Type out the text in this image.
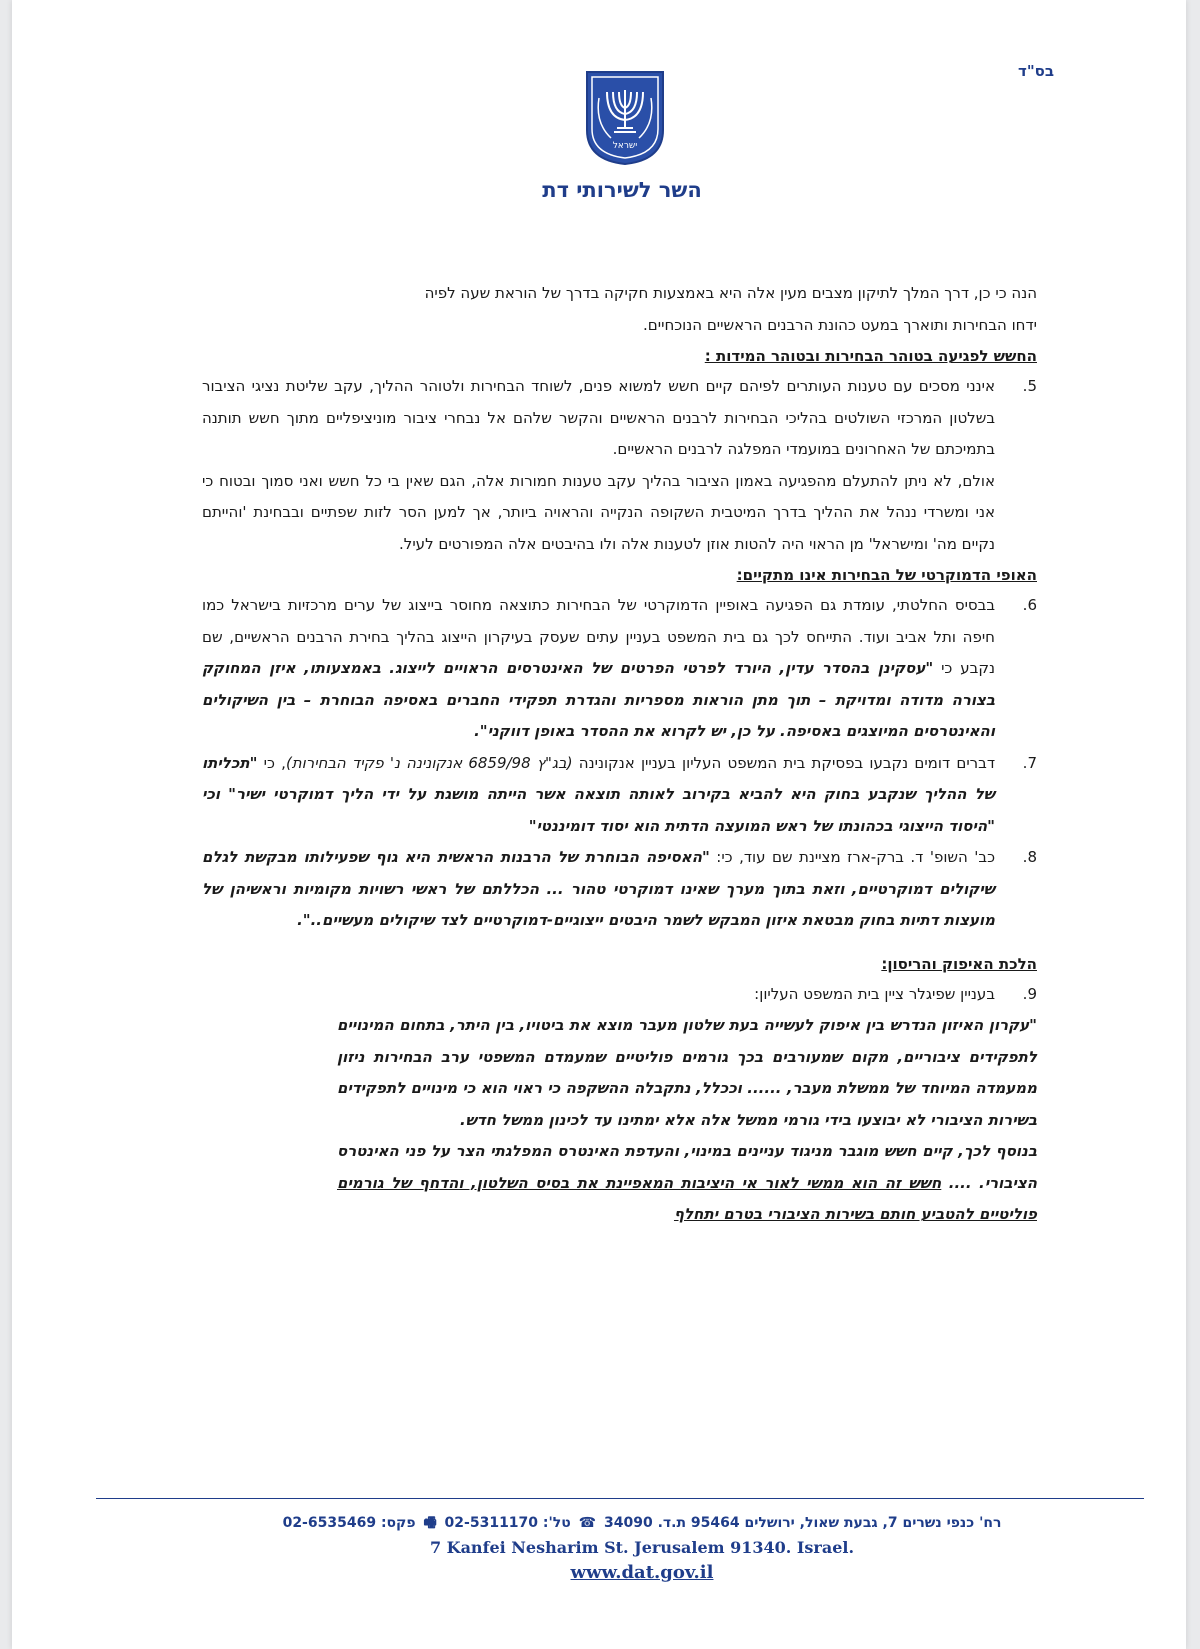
בס"ד
ישראל
השר לשירותי דת

הנה כי כן, דרך המלך לתיקון מצבים מעין אלה היא באמצעות חקיקה בדרך של הוראת שעה לפיה

ידחו הבחירות ותוארך במעט כהונת הרבנים הראשיים הנוכחיים.

החשש לפגיעה בטוהר הבחירות ובטוהר המידות :

5.

אינני מסכים עם טענות העותרים לפיהם קיים חשש למשוא פנים, לשוחד הבחירות ולטוהר ההליך, עקב שליטת נציגי הציבור בשלטון המרכזי השולטים בהליכי הבחירות לרבנים הראשיים והקשר שלהם אל נבחרי ציבור מוניציפליים מתוך חשש תותנה בתמיכתם של האחרונים במועמדי המפלגה לרבנים הראשיים.

אולם, לא ניתן להתעלם מהפגיעה באמון הציבור בהליך עקב טענות חמורות אלה, הגם שאין בי כל חשש ואני סמוך ובטוח כי אני ומשרדי ננהל את ההליך בדרך המיטבית השקופה הנקייה והראויה ביותר, אך למען הסר לזות שפתיים ובבחינת 'והייתם נקיים מה' ומישראל' מן הראוי היה להטות אוזן לטענות אלה ולו בהיבטים אלה המפורטים לעיל.

האופי הדמוקרטי של הבחירות אינו מתקיים:

6.

בבסיס החלטתי, עומדת גם הפגיעה באופיין הדמוקרטי של הבחירות כתוצאה מחוסר בייצוג של ערים מרכזיות בישראל כמו חיפה ותל אביב ועוד. התייחס לכך גם בית המשפט בעניין עתים שעסק בעיקרון הייצוג בהליך בחירת הרבנים הראשיים, שם נקבע כי "עסקינן בהסדר עדין, היורד לפרטי הפרטים של האינטרסים הראויים לייצוג. באמצעותו, איזן המחוקק בצורה מדודה ומדויקת – תוך מתן הוראות מספריות והגדרת תפקידי החברים באסיפה הבוחרת – בין השיקולים והאינטרסים המיוצגים באסיפה. על כן, יש לקרוא את ההסדר באופן דווקני".

7.

דברים דומים נקבעו בפסיקת בית המשפט העליון בעניין אנקונינה (בג"ץ 6859/98 אנקונינה נ' פקיד הבחירות), כי "תכליתו של ההליך שנקבע בחוק היא להביא בקירוב לאותה תוצאה אשר הייתה מושגת על ידי הליך דמוקרטי ישיר" וכי "היסוד הייצוגי בכהונתו של ראש המועצה הדתית הוא יסוד דומיננטי"

8.

כב' השופ' ד. ברק-ארז מציינת שם עוד, כי: "האסיפה הבוחרת של הרבנות הראשית היא גוף שפעילותו מבקשת לגלם שיקולים דמוקרטיים, וזאת בתוך מערך שאינו דמוקרטי טהור ... הכללתם של ראשי רשויות מקומיות וראשיהן של מועצות דתיות בחוק מבטאת איזון המבקש לשמר היבטים ייצוגיים-דמוקרטיים לצד שיקולים מעשיים..".

הלכת האיפוק והריסון:

9.

בעניין שפיגלר ציין בית המשפט העליון:

"עקרון האיזון הנדרש בין איפוק לעשייה בעת שלטון מעבר מוצא את ביטויו, בין היתר, בתחום המינויים לתפקידים ציבוריים, מקום שמעורבים בכך גורמים פוליטיים שמעמדם המשפטי ערב הבחירות ניזון ממעמדה המיוחד של ממשלת מעבר, ...... וככלל, נתקבלה ההשקפה כי ראוי הוא כי מינויים לתפקידים בשירות הציבורי לא יבוצעו בידי גורמי ממשל אלה אלא ימתינו עד לכינון ממשל חדש.

בנוסף לכך, קיים חשש מוגבר מניגוד עניינים במינוי, והעדפת האינטרס המפלגתי הצר על פני האינטרס הציבורי. .... חשש זה הוא ממשי לאור אי היציבות המאפיינת את בסיס השלטון, והדחף של גורמים פוליטיים להטביע חותם בשירות הציבורי בטרם יתחלף

רח' כנפי נשרים 7, גבעת שאול, ירושלים 95464 ת.ד. 34090 ☎ טל': 02-5311170 🖷 פקס: 02-6535469
7 Kanfei Nesharim St. Jerusalem 91340. Israel.
www.dat.gov.il
